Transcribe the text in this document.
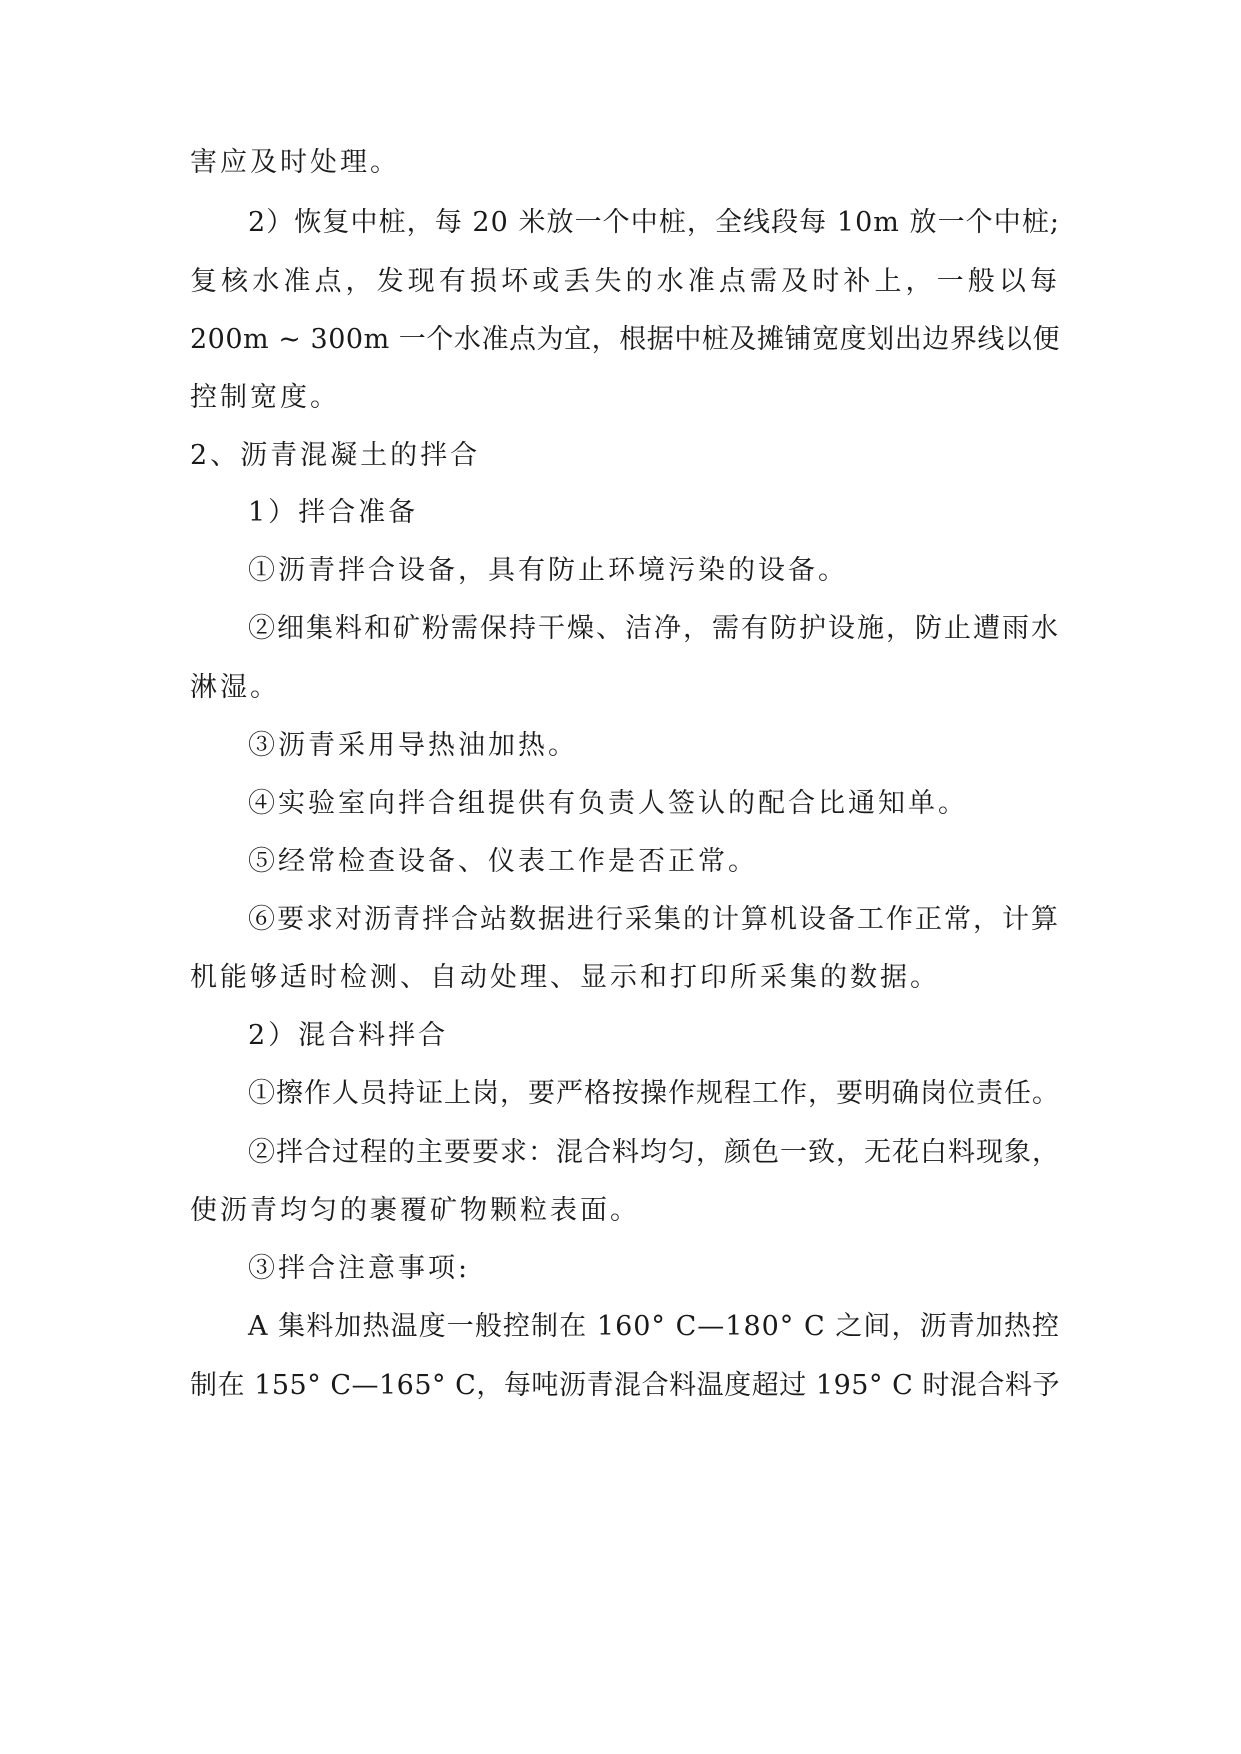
害应及时处理。
2）恢复中桩，每 20 米放一个中桩，全线段每 10m 放一个中桩;
复核水准点，发现有损坏或丢失的水准点需及时补上，一般以每
200m ~ 300m 一个水准点为宜，根据中桩及摊铺宽度划出边界线以便
控制宽度。
2、沥青混凝土的拌合
1）拌合准备
①沥青拌合设备，具有防止环境污染的设备。
②细集料和矿粉需保持干燥、洁净，需有防护设施，防止遭雨水
淋湿。
③沥青采用导热油加热。
④实验室向拌合组提供有负责人签认的配合比通知单。
⑤经常检查设备、仪表工作是否正常。
⑥要求对沥青拌合站数据进行采集的计算机设备工作正常，计算
机能够适时检测、自动处理、显示和打印所采集的数据。
2）混合料拌合
①擦作人员持证上岗，要严格按操作规程工作，要明确岗位责任。
②拌合过程的主要要求：混合料均匀，颜色一致，无花白料现象，
使沥青均匀的裹覆矿物颗粒表面。
③拌合注意事项:
A 集料加热温度一般控制在 160° C—180° C 之间，沥青加热控
制在 155° C—165° C，每吨沥青混合料温度超过 195° C 时混合料予
